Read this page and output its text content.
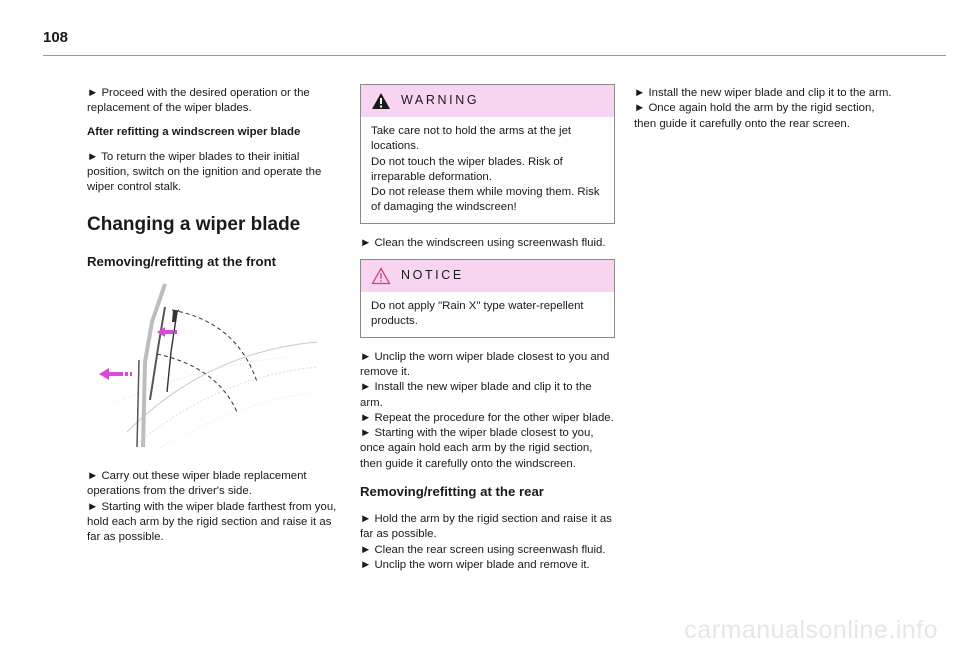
108

► Proceed with the desired operation or the replacement of the wiper blades.

After refitting a windscreen wiper blade

► To return the wiper blades to their initial position, switch on the ignition and operate the wiper control stalk.

Changing a wiper blade
Removing/refitting at the front
► Carry out these wiper blade replacement operations from the driver's side.
► Starting with the wiper blade farthest from you, hold each arm by the rigid section and raise it as far as possible.
WARNING
Take care not to hold the arms at the jet locations.
Do not touch the wiper blades. Risk of irreparable deformation.
Do not release them while moving them. Risk of damaging the windscreen!

► Clean the windscreen using screenwash fluid.

NOTICE
Do not apply "Rain X" type water-repellent products.
► Unclip the worn wiper blade closest to you and remove it.
► Install the new wiper blade and clip it to the arm.
► Repeat the procedure for the other wiper blade.
► Starting with the wiper blade closest to you, once again hold each arm by the rigid section, then guide it carefully onto the windscreen.
Removing/refitting at the rear
► Hold the arm by the rigid section and raise it as far as possible.
► Clean the rear screen using screenwash fluid.
► Unclip the worn wiper blade and remove it.
► Install the new wiper blade and clip it to the arm.
► Once again hold the arm by the rigid section, then guide it carefully onto the rear screen.
carmanualsonline.info
